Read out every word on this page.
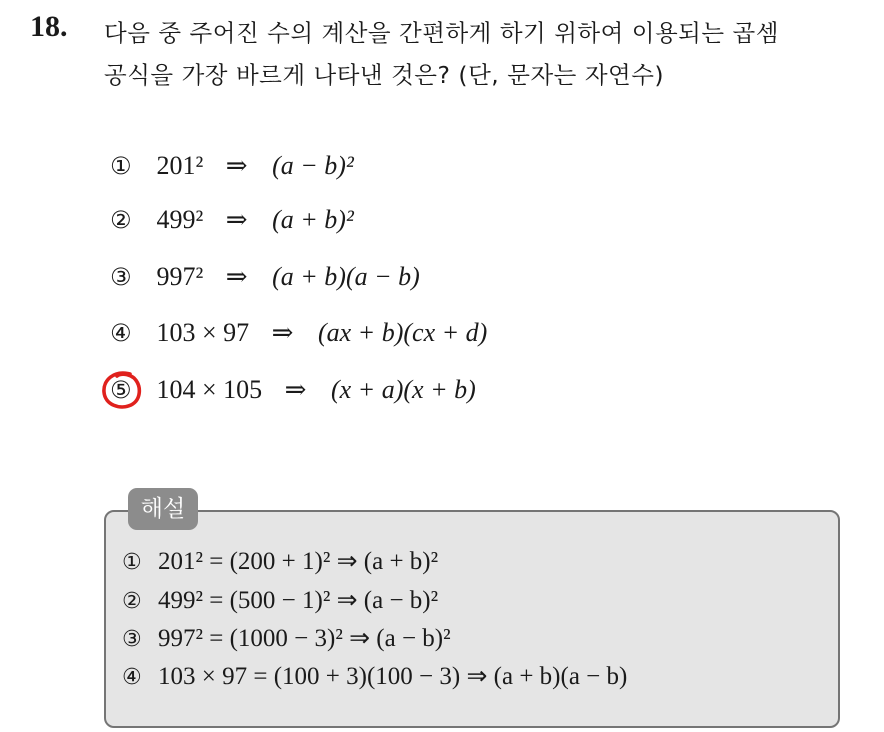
18. 다음 중 주어진 수의 계산을 간편하게 하기 위하여 이용되는 곱셈
공식을 가장 바르게 나타낸 것은? (단, 문자는 자연수)
① 201² ⇒ (a − b)²
② 499² ⇒ (a + b)²
③ 997² ⇒ (a + b)(a − b)
④ 103 × 97 ⇒ (ax + b)(cx + d)
⑤ 104 × 105 ⇒ (x + a)(x + b)
해설
① 201² = (200 + 1)² ⇒ (a + b)²
② 499² = (500 − 1)² ⇒ (a − b)²
③ 997² = (1000 − 3)² ⇒ (a − b)²
④ 103 × 97 = (100 + 3)(100 − 3) ⇒ (a + b)(a − b)
